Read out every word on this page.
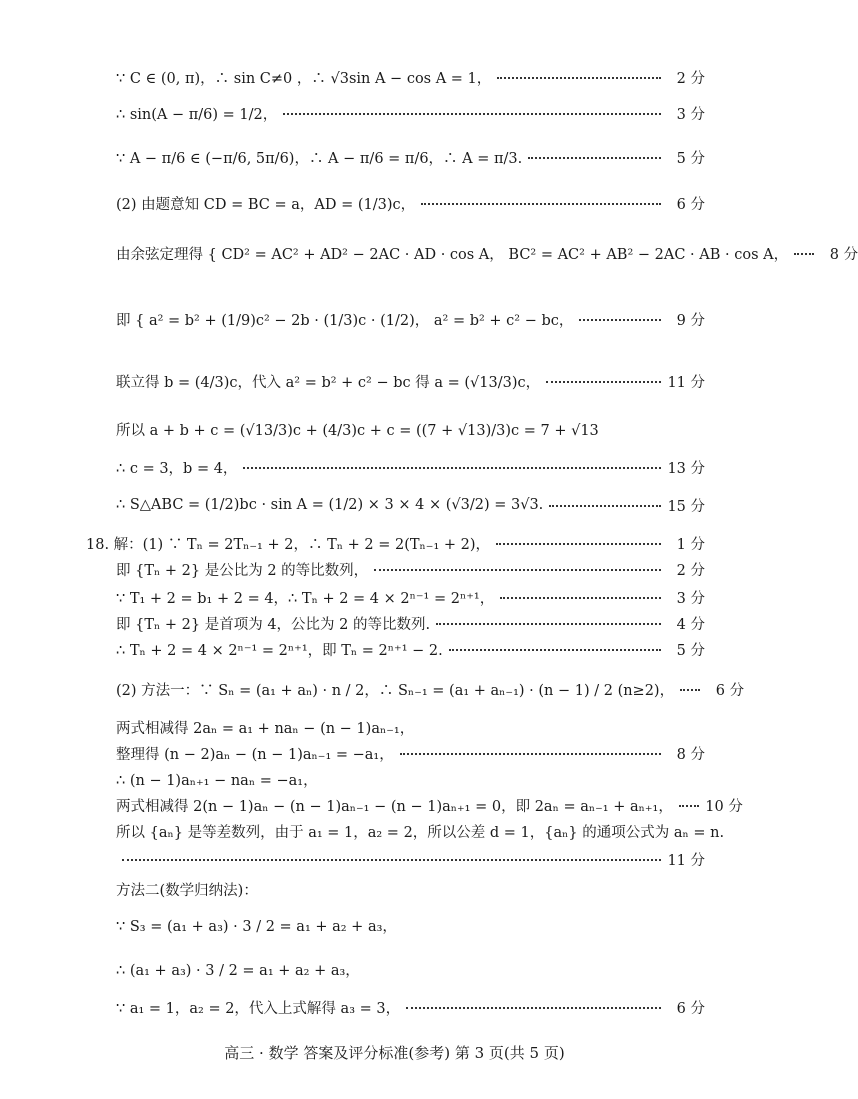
∵ C ∈ (0, π)，∴ sin C≠0 ，∴ √3sin A − cos A = 1，	2 分
∴ sin(A − π/6) = 1/2，	3 分
∵ A − π/6 ∈ (−π/6, 5π/6)，∴ A − π/6 = π/6，∴ A = π/3.	5 分
(2) 由题意知 CD = BC = a，AD = (1/3)c，	6 分
由余弦定理得 { CD² = AC² + AD² − 2AC · AD · cos A， BC² = AC² + AB² − 2AC · AB · cos A，	8 分
即 { a² = b² + (1/9)c² − 2b · (1/3)c · (1/2)， a² = b² + c² − bc，	9 分
联立得 b = (4/3)c，代入 a² = b² + c² − bc 得 a = (√13/3)c，	11 分
所以 a + b + c = (√13/3)c + (4/3)c + c = ((7 + √13)/3)c = 7 + √13
∴ c = 3，b = 4，	13 分
∴ S△ABC = (1/2)bc · sin A = (1/2) × 3 × 4 × (√3/2) = 3√3.	15 分
18. 解：(1) ∵ Tₙ = 2Tₙ₋₁ + 2，∴ Tₙ + 2 = 2(Tₙ₋₁ + 2)，	1 分
即 {Tₙ + 2} 是公比为 2 的等比数列，	2 分
∵ T₁ + 2 = b₁ + 2 = 4，∴ Tₙ + 2 = 4 × 2ⁿ⁻¹ = 2ⁿ⁺¹，	3 分
即 {Tₙ + 2} 是首项为 4，公比为 2 的等比数列.	4 分
∴ Tₙ + 2 = 4 × 2ⁿ⁻¹ = 2ⁿ⁺¹，即 Tₙ = 2ⁿ⁺¹ − 2.	5 分
(2) 方法一：∵ Sₙ = (a₁ + aₙ) · n / 2，∴ Sₙ₋₁ = (a₁ + aₙ₋₁) · (n − 1) / 2 (n≥2)，	6 分
两式相减得 2aₙ = a₁ + naₙ − (n − 1)aₙ₋₁，
整理得 (n − 2)aₙ − (n − 1)aₙ₋₁ = −a₁，	8 分
∴ (n − 1)aₙ₊₁ − naₙ = −a₁，
两式相减得 2(n − 1)aₙ − (n − 1)aₙ₋₁ − (n − 1)aₙ₊₁ = 0，即 2aₙ = aₙ₋₁ + aₙ₊₁， 10 分
所以 {aₙ} 是等差数列，由于 a₁ = 1，a₂ = 2，所以公差 d = 1，{aₙ} 的通项公式为 aₙ = n.
11 分
方法二(数学归纳法)：
∵ S₃ = (a₁ + a₃) · 3 / 2 = a₁ + a₂ + a₃，
∴ (a₁ + a₃) · 3 / 2 = a₁ + a₂ + a₃，
∵ a₁ = 1，a₂ = 2，代入上式解得 a₃ = 3，	6 分
高三 · 数学 答案及评分标准(参考) 第 3 页(共 5 页)
